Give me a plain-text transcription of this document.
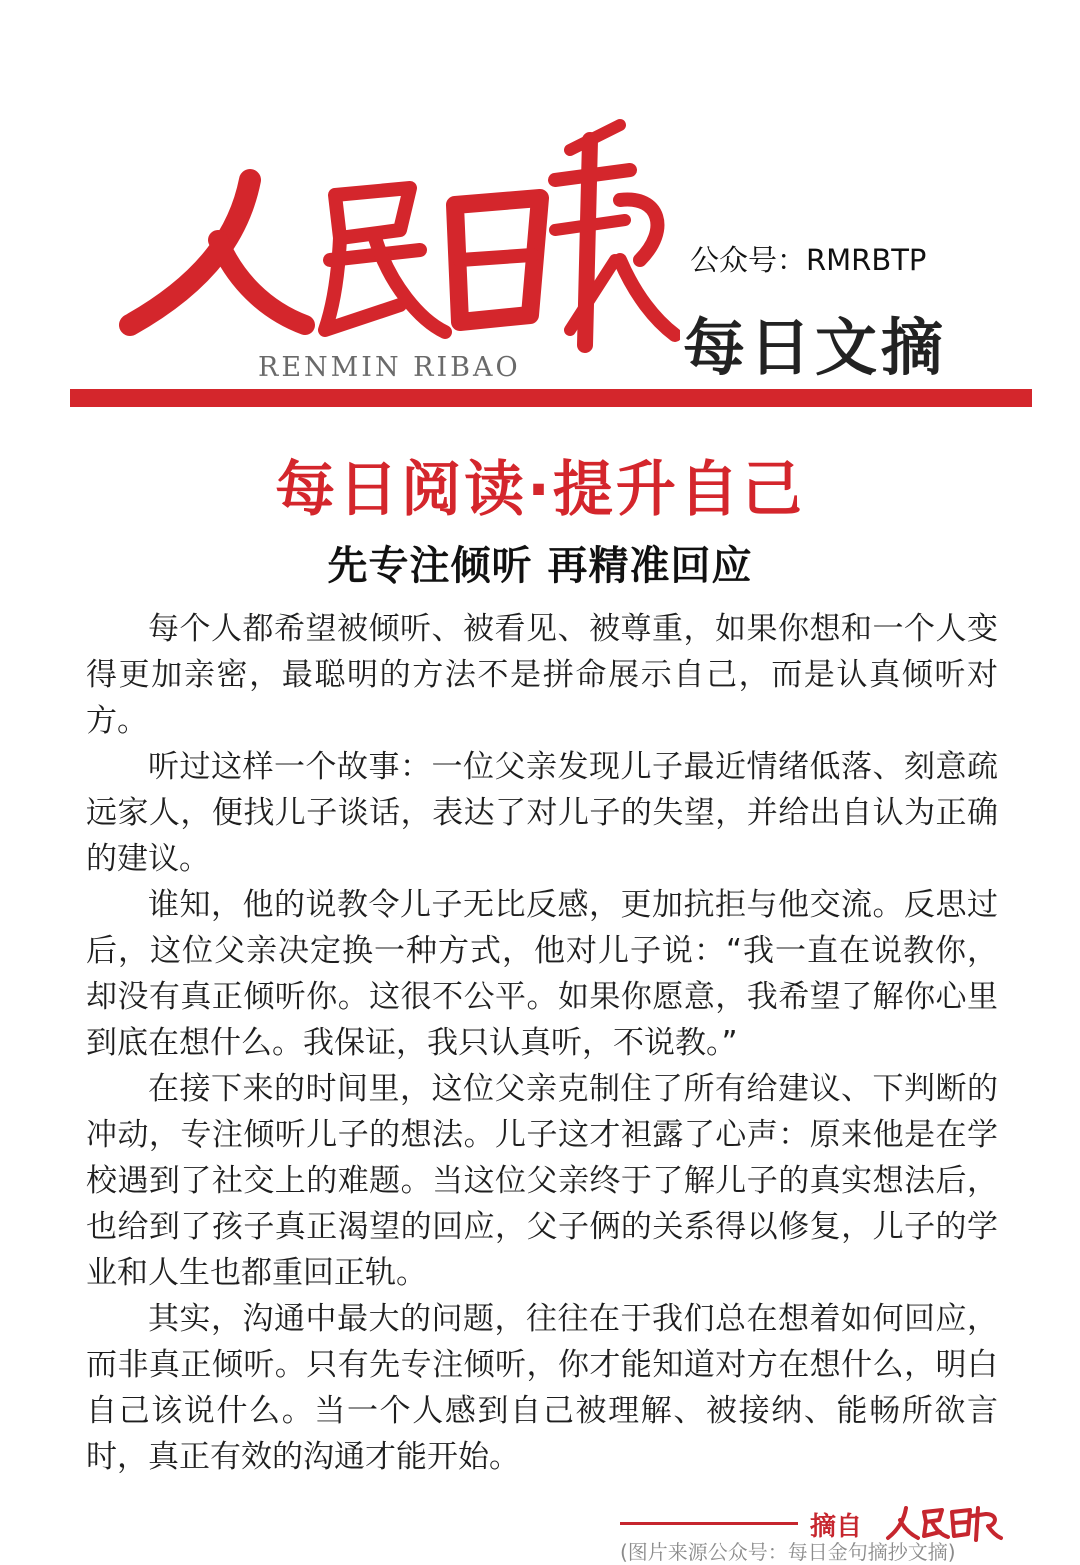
RENMIN RIBAO
公众号：RMRBTP
每日文摘
每日阅读·提升自己
先专注倾听 再精准回应

每个人都希望被倾听、被看见、被尊重，如果你想和一个人变得更加亲密，最聪明的方法不是拼命展示自己，而是认真倾听对方。

听过这样一个故事：一位父亲发现儿子最近情绪低落、刻意疏远家人，便找儿子谈话，表达了对儿子的失望，并给出自认为正确的建议。

谁知，他的说教令儿子无比反感，更加抗拒与他交流。反思过后，这位父亲决定换一种方式，他对儿子说：“我一直在说教你，却没有真正倾听你。这很不公平。如果你愿意，我希望了解你心里到底在想什么。我保证，我只认真听，不说教。”

在接下来的时间里，这位父亲克制住了所有给建议、下判断的冲动，专注倾听儿子的想法。儿子这才袒露了心声：原来他是在学校遇到了社交上的难题。当这位父亲终于了解儿子的真实想法后，也给到了孩子真正渴望的回应，父子俩的关系得以修复，儿子的学业和人生也都重回正轨。

其实，沟通中最大的问题，往往在于我们总在想着如何回应，而非真正倾听。只有先专注倾听，你才能知道对方在想什么，明白自己该说什么。当一个人感到自己被理解、被接纳、能畅所欲言时，真正有效的沟通才能开始。

摘自
(图片来源公众号：每日金句摘抄文摘)
